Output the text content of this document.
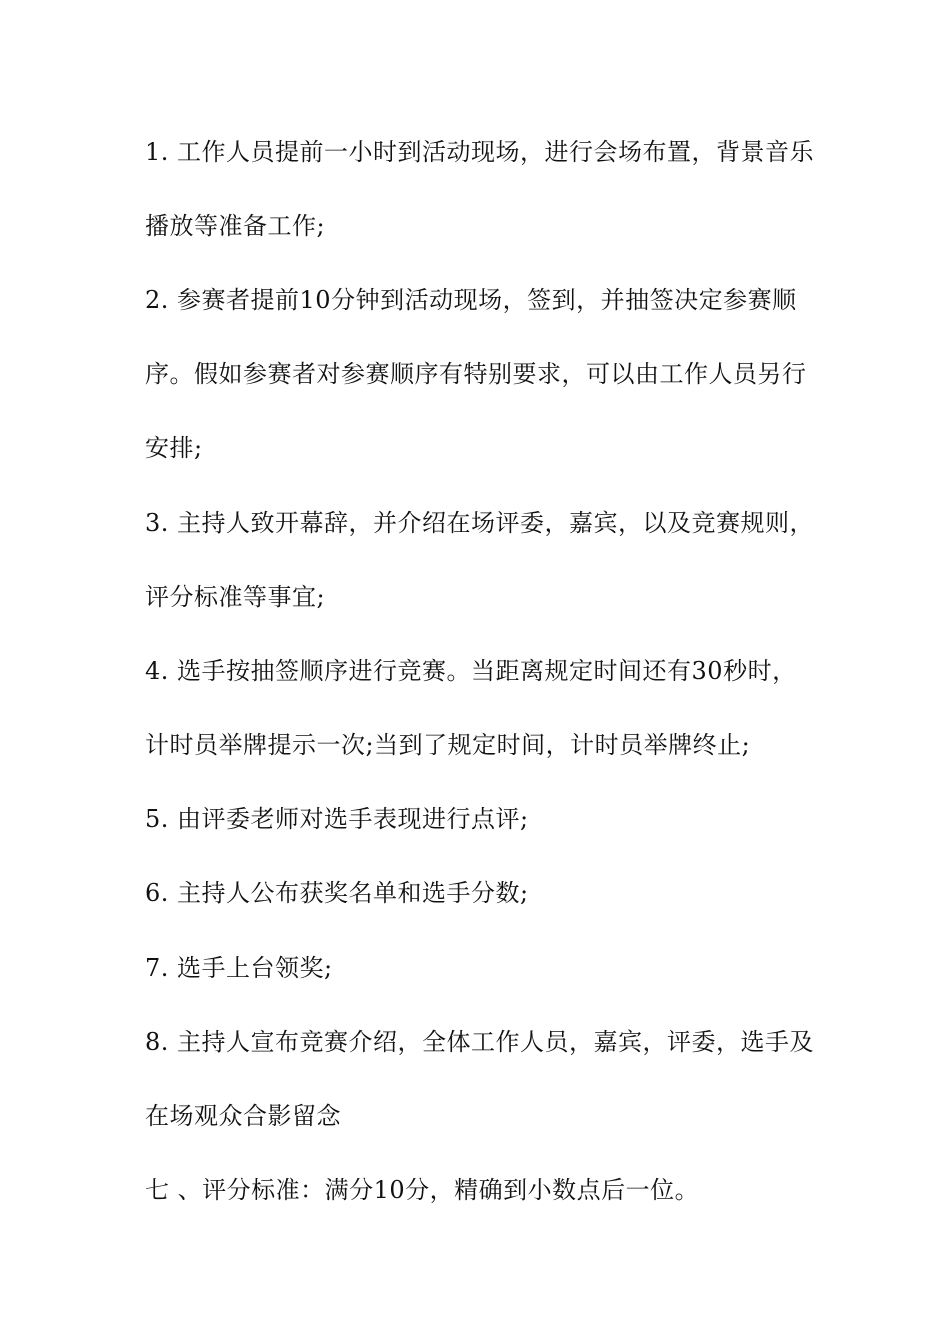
1. 工作人员提前一小时到活动现场，进行会场布置，背景音乐
播放等准备工作;
2. 参赛者提前10分钟到活动现场，签到，并抽签决定参赛顺
序。假如参赛者对参赛顺序有特别要求，可以由工作人员另行
安排;
3. 主持人致开幕辞，并介绍在场评委，嘉宾，以及竞赛规则，
评分标准等事宜;
4. 选手按抽签顺序进行竞赛。当距离规定时间还有30秒时，
计时员举牌提示一次;当到了规定时间，计时员举牌终止;
5. 由评委老师对选手表现进行点评;
6. 主持人公布获奖名单和选手分数;
7. 选手上台领奖;
8. 主持人宣布竞赛介绍，全体工作人员，嘉宾，评委，选手及
在场观众合影留念
七 、评分标准：满分10分，精确到小数点后一位。
